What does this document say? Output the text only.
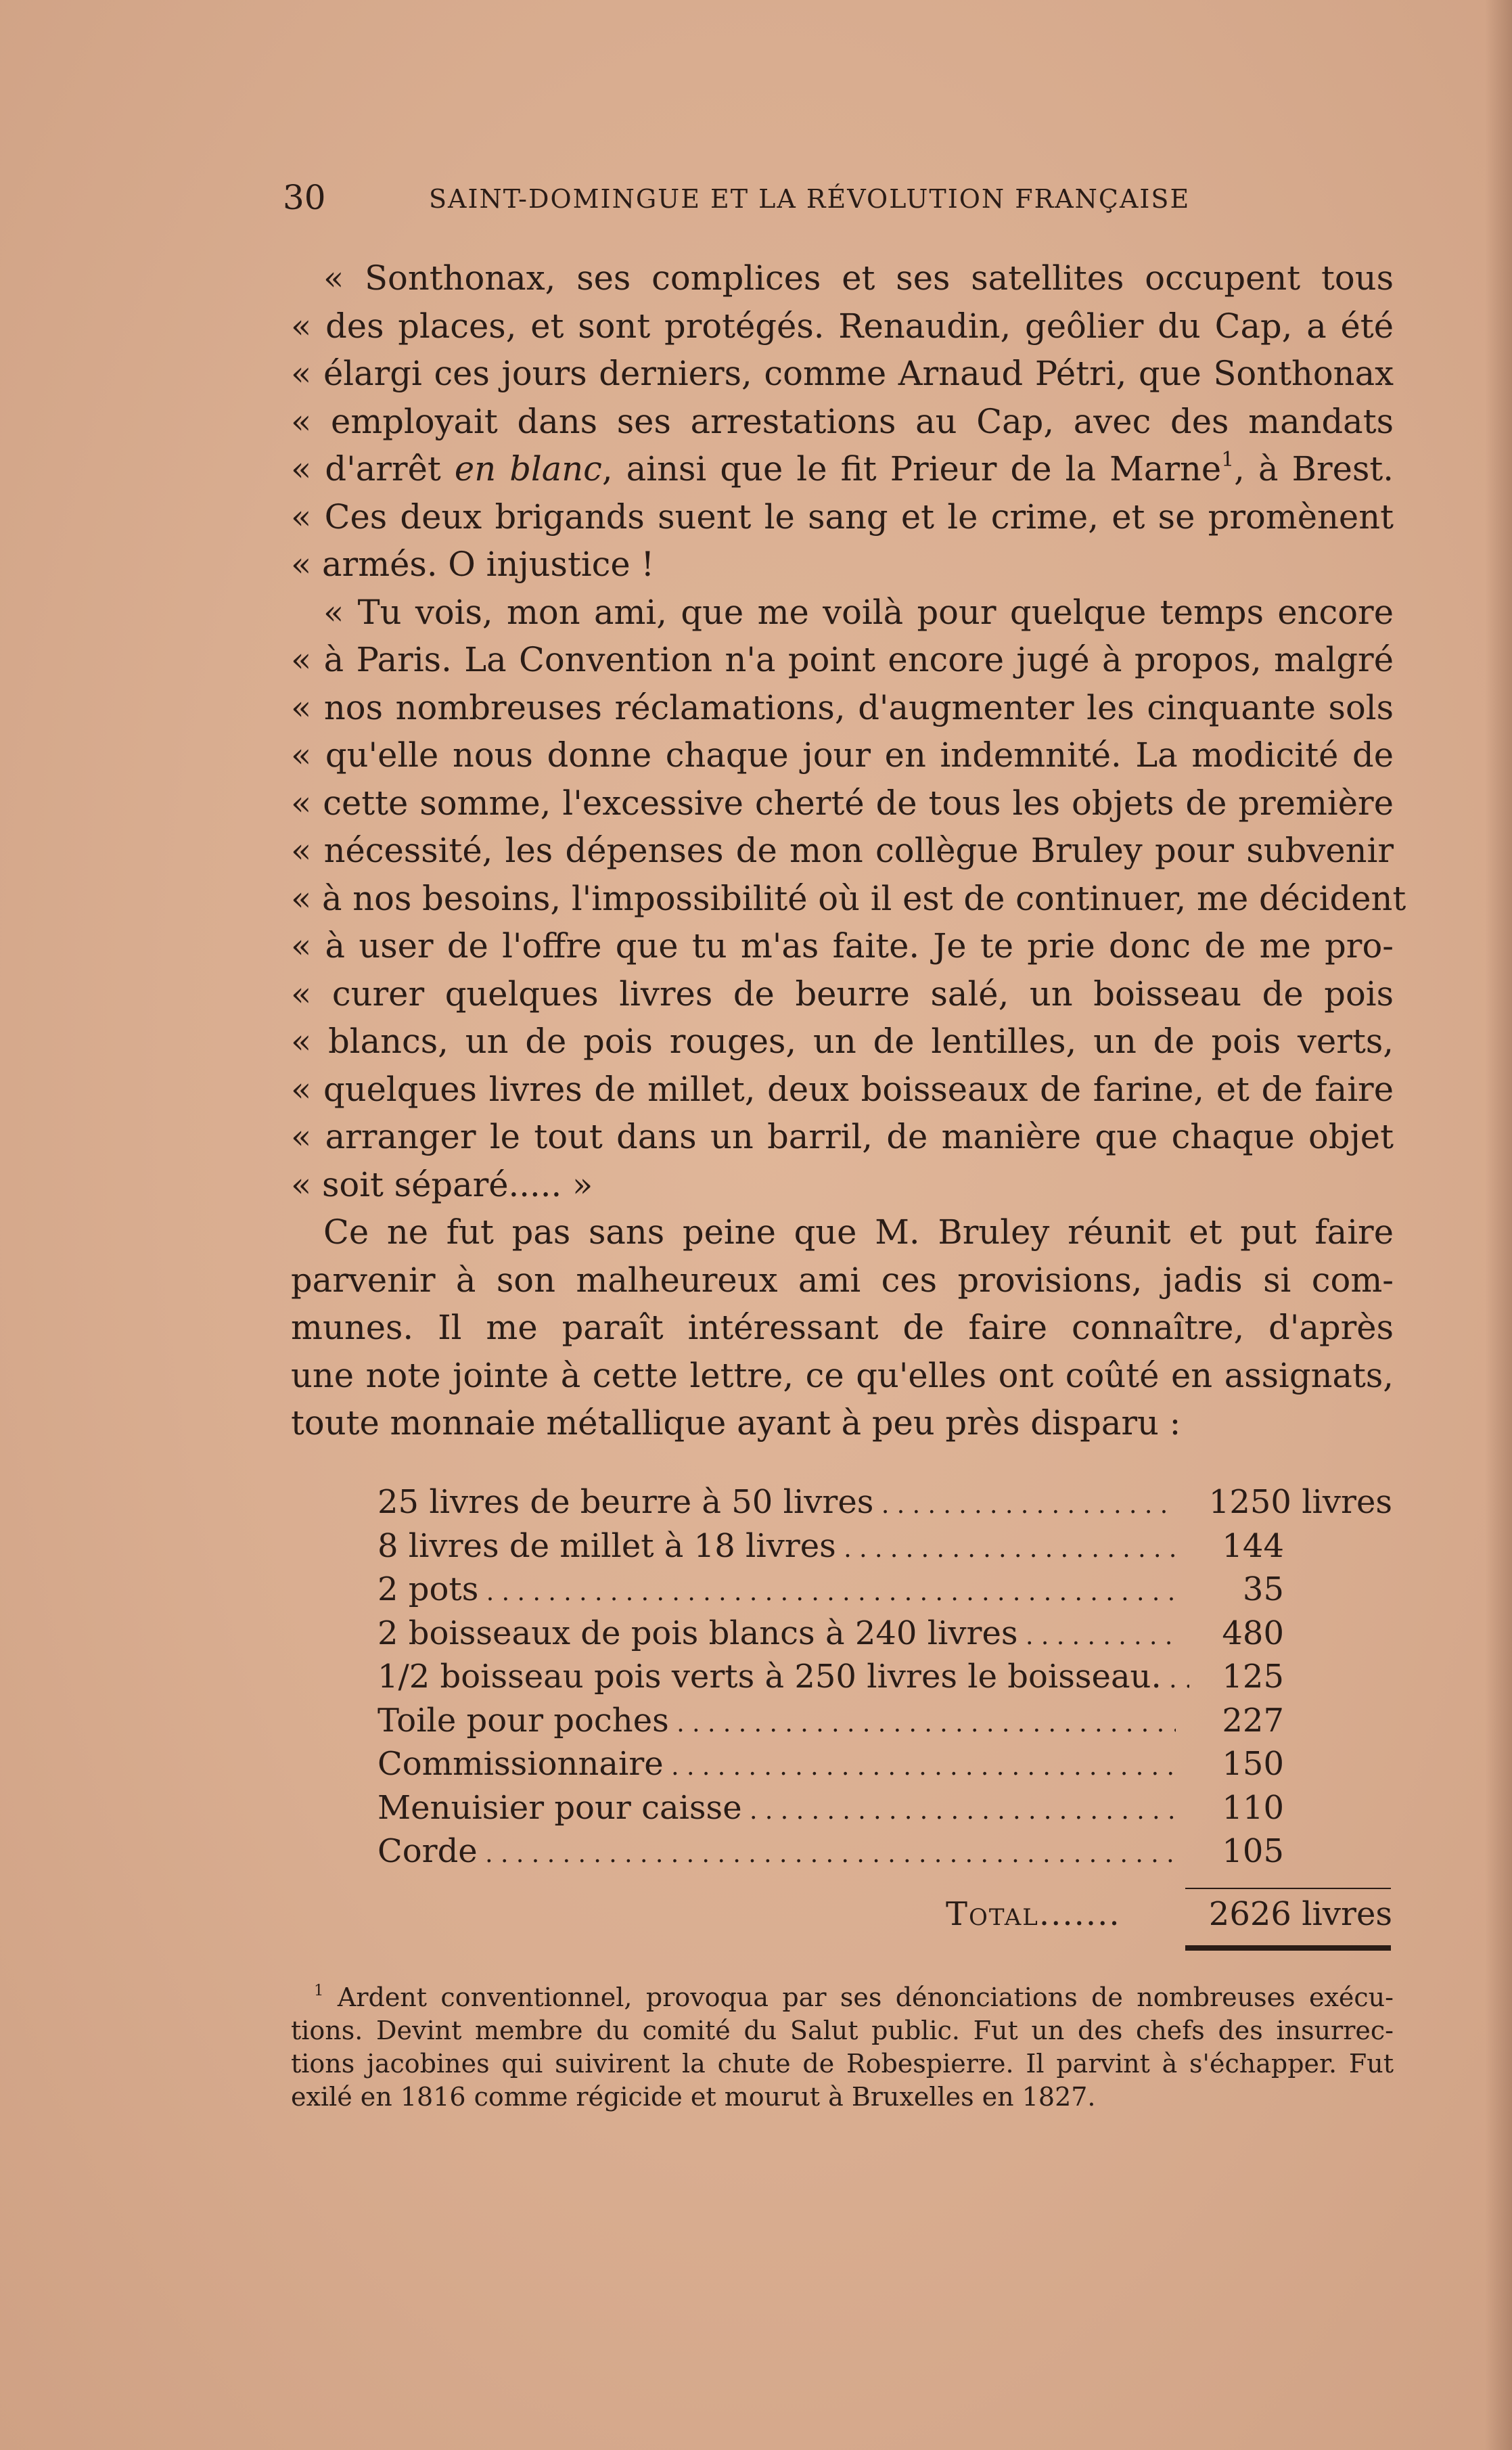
30	SAINT-DOMINGUE ET LA RÉVOLUTION FRANÇAISE
« Sonthonax, ses complices et ses satellites occupent tous
« des places, et sont protégés. Renaudin, geôlier du Cap, a été
« élargi ces jours derniers, comme Arnaud Pétri, que Sonthonax
« employait dans ses arrestations au Cap, avec des mandats
« d'arrêt en blanc, ainsi que le fit Prieur de la Marne$^1$, à Brest.
« Ces deux brigands suent le sang et le crime, et se promènent
« armés. O injustice !
« Tu vois, mon ami, que me voilà pour quelque temps encore
« à Paris. La Convention n'a point encore jugé à propos, malgré
« nos nombreuses réclamations, d'augmenter les cinquante sols
« qu'elle nous donne chaque jour en indemnité. La modicité de
« cette somme, l'excessive cherté de tous les objets de première
« nécessité, les dépenses de mon collègue Bruley pour subvenir
« à nos besoins, l'impossibilité où il est de continuer, me décident
« à user de l'offre que tu m'as faite. Je te prie donc de me pro-
« curer quelques livres de beurre salé, un boisseau de pois
« blancs, un de pois rouges, un de lentilles, un de pois verts,
« quelques livres de millet, deux boisseaux de farine, et de faire
« arranger le tout dans un barril, de manière que chaque objet
« soit séparé..... »
Ce ne fut pas sans peine que M. Bruley réunit et put faire
parvenir à son malheureux ami ces provisions, jadis si com-
munes. Il me paraît intéressant de faire connaître, d'après
une note jointe à cette lettre, ce qu'elles ont coûté en assignats,
toute monnaie métallique ayant à peu près disparu :
25 livres de beurre à 50 livres . . .	1250 livres
8 livres de millet à 18 livres . . .	144
2 pots . . .	35
2 boisseaux de pois blancs à 240 livres . . .	480
1/2 boisseau pois verts à 250 livres le boisseau. . . .	125
Toile pour poches . . .	227
Commissionnaire . . .	150
Menuisier pour caisse . . .	110
Corde . . .	105
Total.......	2626 livres
$^1$ Ardent conventionnel, provoqua par ses dénonciations de nombreuses exécu-
tions. Devint membre du comité du Salut public. Fut un des chefs des insurrec-
tions jacobines qui suivirent la chute de Robespierre. Il parvint à s'échapper. Fut
exilé en 1816 comme régicide et mourut à Bruxelles en 1827.
